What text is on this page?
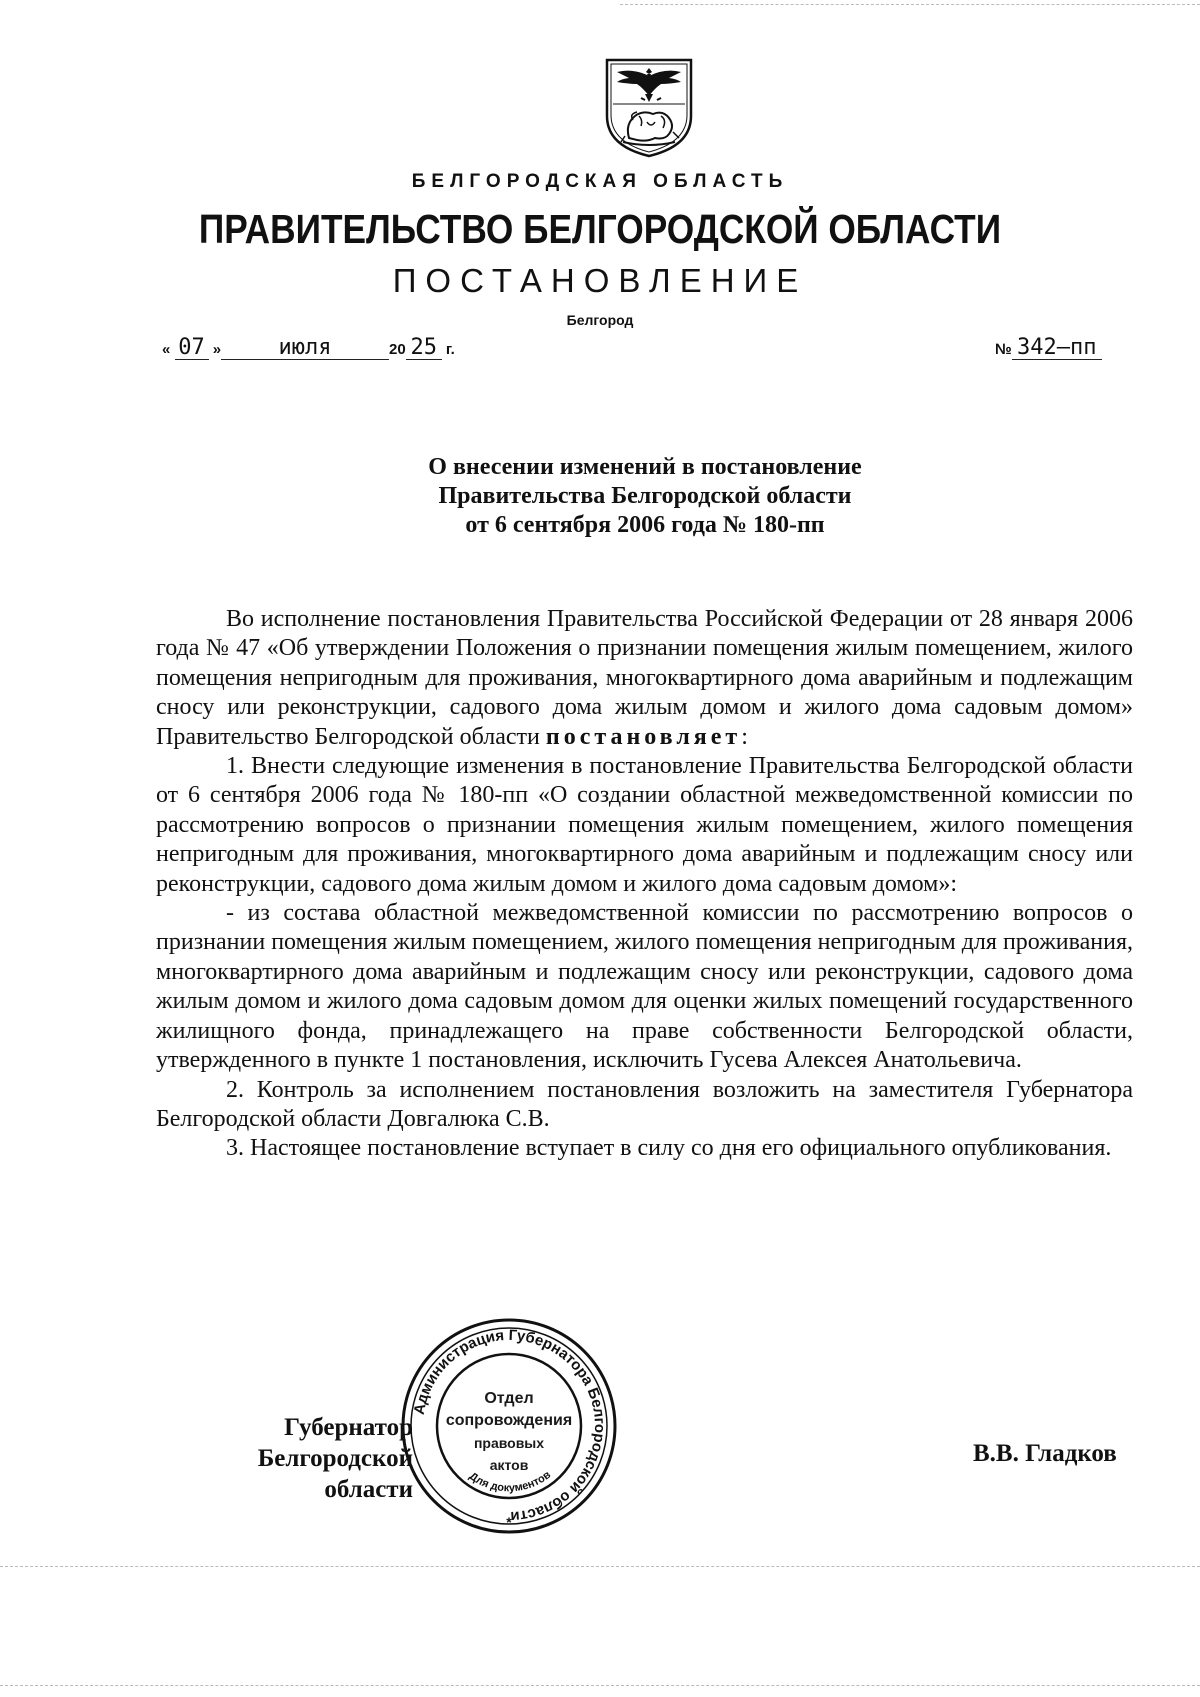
БЕЛГОРОДСКАЯ ОБЛАСТЬ
ПРАВИТЕЛЬСТВО БЕЛГОРОДСКОЙ ОБЛАСТИ
ПОСТАНОВЛЕНИЕ
Белгород
« 07 »	июля	20 25 г.	№ 342–пп
О внесении изменений в постановление
Правительства Белгородской области
от 6 сентября 2006 года № 180-пп

Во исполнение постановления Правительства Российской Федерации от 28 января 2006 года № 47 «Об утверждении Положения о признании помещения жилым помещением, жилого помещения непригодным для проживания, многоквартирного дома аварийным и подлежащим сносу или реконструкции, садового дома жилым домом и жилого дома садовым домом» Правительство Белгородской области постановляет:

1. Внести следующие изменения в постановление Правительства Белгородской области от 6 сентября 2006 года № 180-пп «О создании областной межведомственной комиссии по рассмотрению вопросов о признании помещения жилым помещением, жилого помещения непригодным для проживания, многоквартирного дома аварийным и подлежащим сносу или реконструкции, садового дома жилым домом и жилого дома садовым домом»:

- из состава областной межведомственной комиссии по рассмотрению вопросов о признании помещения жилым помещением, жилого помещения непригодным для проживания, многоквартирного дома аварийным и подлежащим сносу или реконструкции, садового дома жилым домом и жилого дома садовым домом для оценки жилых помещений государственного жилищного фонда, принадлежащего на праве собственности Белгородской области, утвержденного в пункте 1 постановления, исключить Гусева Алексея Анатольевича.

2. Контроль за исполнением постановления возложить на заместителя Губернатора Белгородской области Довгалюка С.В.

3. Настоящее постановление вступает в силу со дня его официального опубликования.

Губернатор
Белгородской области
В.В. Гладков
Администрация Губернатора Белгородской области
Для документов
*
Отдел
сопровождения
правовых
актов
